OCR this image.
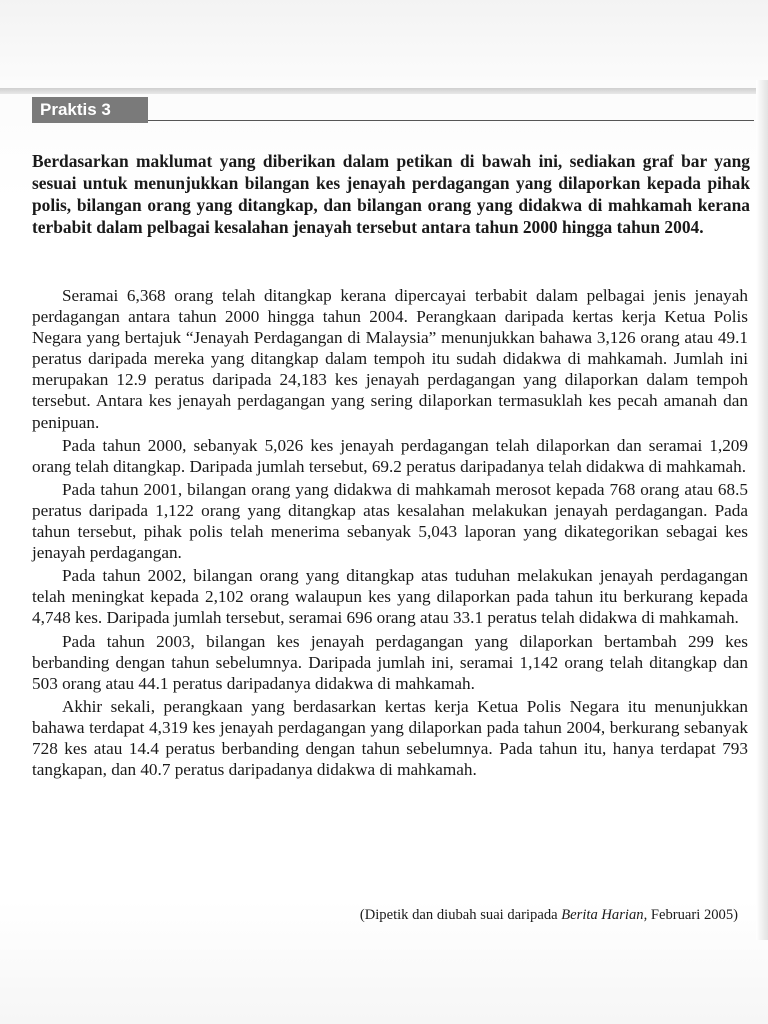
Praktis 3
Berdasarkan maklumat yang diberikan dalam petikan di bawah ini, sediakan graf bar yang sesuai untuk menunjukkan bilangan kes jenayah perdagangan yang dilaporkan kepada pihak polis, bilangan orang yang ditangkap, dan bilangan orang yang didakwa di mahkamah kerana terbabit dalam pelbagai kesalahan jenayah tersebut antara tahun 2000 hingga tahun 2004.

Seramai 6,368 orang telah ditangkap kerana dipercayai terbabit dalam pelbagai jenis jenayah perdagangan antara tahun 2000 hingga tahun 2004. Perangkaan daripada kertas kerja Ketua Polis Negara yang bertajuk “Jenayah Perdagangan di Malaysia” menunjukkan bahawa 3,126 orang atau 49.1 peratus daripada mereka yang ditangkap dalam tempoh itu sudah didakwa di mahkamah. Jumlah ini merupakan 12.9 peratus daripada 24,183 kes jenayah perdagangan yang dilaporkan dalam tempoh tersebut. Antara kes jenayah perdagangan yang sering dilaporkan termasuklah kes pecah amanah dan penipuan.

Pada tahun 2000, sebanyak 5,026 kes jenayah perdagangan telah dilaporkan dan seramai 1,209 orang telah ditangkap. Daripada jumlah tersebut, 69.2 peratus daripadanya telah didakwa di mahkamah.

Pada tahun 2001, bilangan orang yang didakwa di mahkamah merosot kepada 768 orang atau 68.5 peratus daripada 1,122 orang yang ditangkap atas kesalahan melakukan jenayah perdagangan. Pada tahun tersebut, pihak polis telah menerima sebanyak 5,043 laporan yang dikategorikan sebagai kes jenayah perdagangan.

Pada tahun 2002, bilangan orang yang ditangkap atas tuduhan melakukan jenayah perdagangan telah meningkat kepada 2,102 orang walaupun kes yang dilaporkan pada tahun itu berkurang kepada 4,748 kes. Daripada jumlah tersebut, seramai 696 orang atau 33.1 peratus telah didakwa di mahkamah.

Pada tahun 2003, bilangan kes jenayah perdagangan yang dilaporkan bertambah 299 kes berbanding dengan tahun sebelumnya. Daripada jumlah ini, seramai 1,142 orang telah ditangkap dan 503 orang atau 44.1 peratus daripadanya didakwa di mahkamah.

Akhir sekali, perangkaan yang berdasarkan kertas kerja Ketua Polis Negara itu menunjukkan bahawa terdapat 4,319 kes jenayah perdagangan yang dilaporkan pada tahun 2004, berkurang sebanyak 728 kes atau 14.4 peratus berbanding dengan tahun sebelumnya. Pada tahun itu, hanya terdapat 793 tangkapan, dan 40.7 peratus daripadanya didakwa di mahkamah.

(Dipetik dan diubah suai daripada Berita Harian, Februari 2005)
